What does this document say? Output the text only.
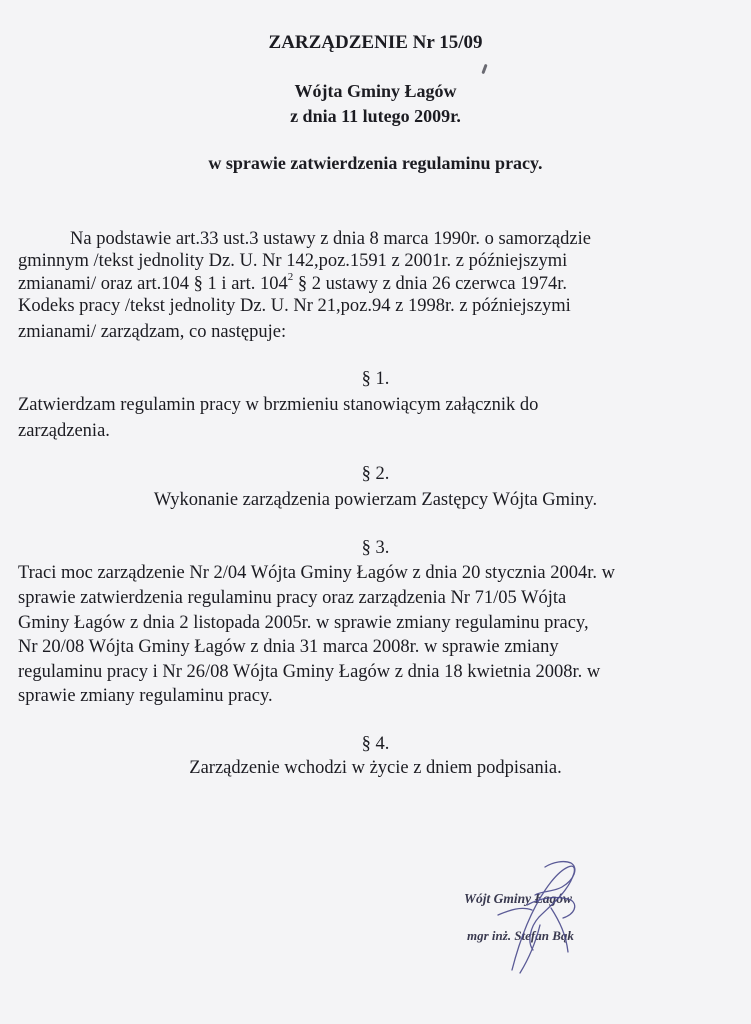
ZARZĄDZENIE Nr 15/09
Wójta Gminy Łagów
z dnia 11 lutego 2009r.
w sprawie zatwierdzenia regulaminu pracy.
Na podstawie art.33 ust.3 ustawy z dnia 8 marca 1990r. o samorządzie
gminnym /tekst jednolity Dz. U. Nr 142,poz.1591 z 2001r. z późniejszymi
zmianami/ oraz art.104 § 1 i art. $104^2$ § 2 ustawy z dnia 26 czerwca 1974r.
Kodeks pracy /tekst jednolity Dz. U. Nr 21,poz.94 z 1998r. z późniejszymi
zmianami/ zarządzam, co następuje:
§ 1.
Zatwierdzam regulamin pracy w brzmieniu stanowiącym załącznik do
zarządzenia.
§ 2.
Wykonanie zarządzenia powierzam Zastępcy Wójta Gminy.
§ 3.
Traci moc zarządzenie Nr 2/04 Wójta Gminy Łagów z dnia 20 stycznia 2004r. w
sprawie zatwierdzenia regulaminu pracy oraz zarządzenia Nr 71/05 Wójta
Gminy Łagów z dnia 2 listopada 2005r. w sprawie zmiany regulaminu pracy,
Nr 20/08 Wójta Gminy Łagów z dnia 31 marca 2008r. w sprawie zmiany
regulaminu pracy i Nr 26/08 Wójta Gminy Łagów z dnia 18 kwietnia 2008r. w
sprawie zmiany regulaminu pracy.
§ 4.
Zarządzenie wchodzi w życie z dniem podpisania.
Wójt Gminy Łagów
mgr inż. Stefan Bąk
